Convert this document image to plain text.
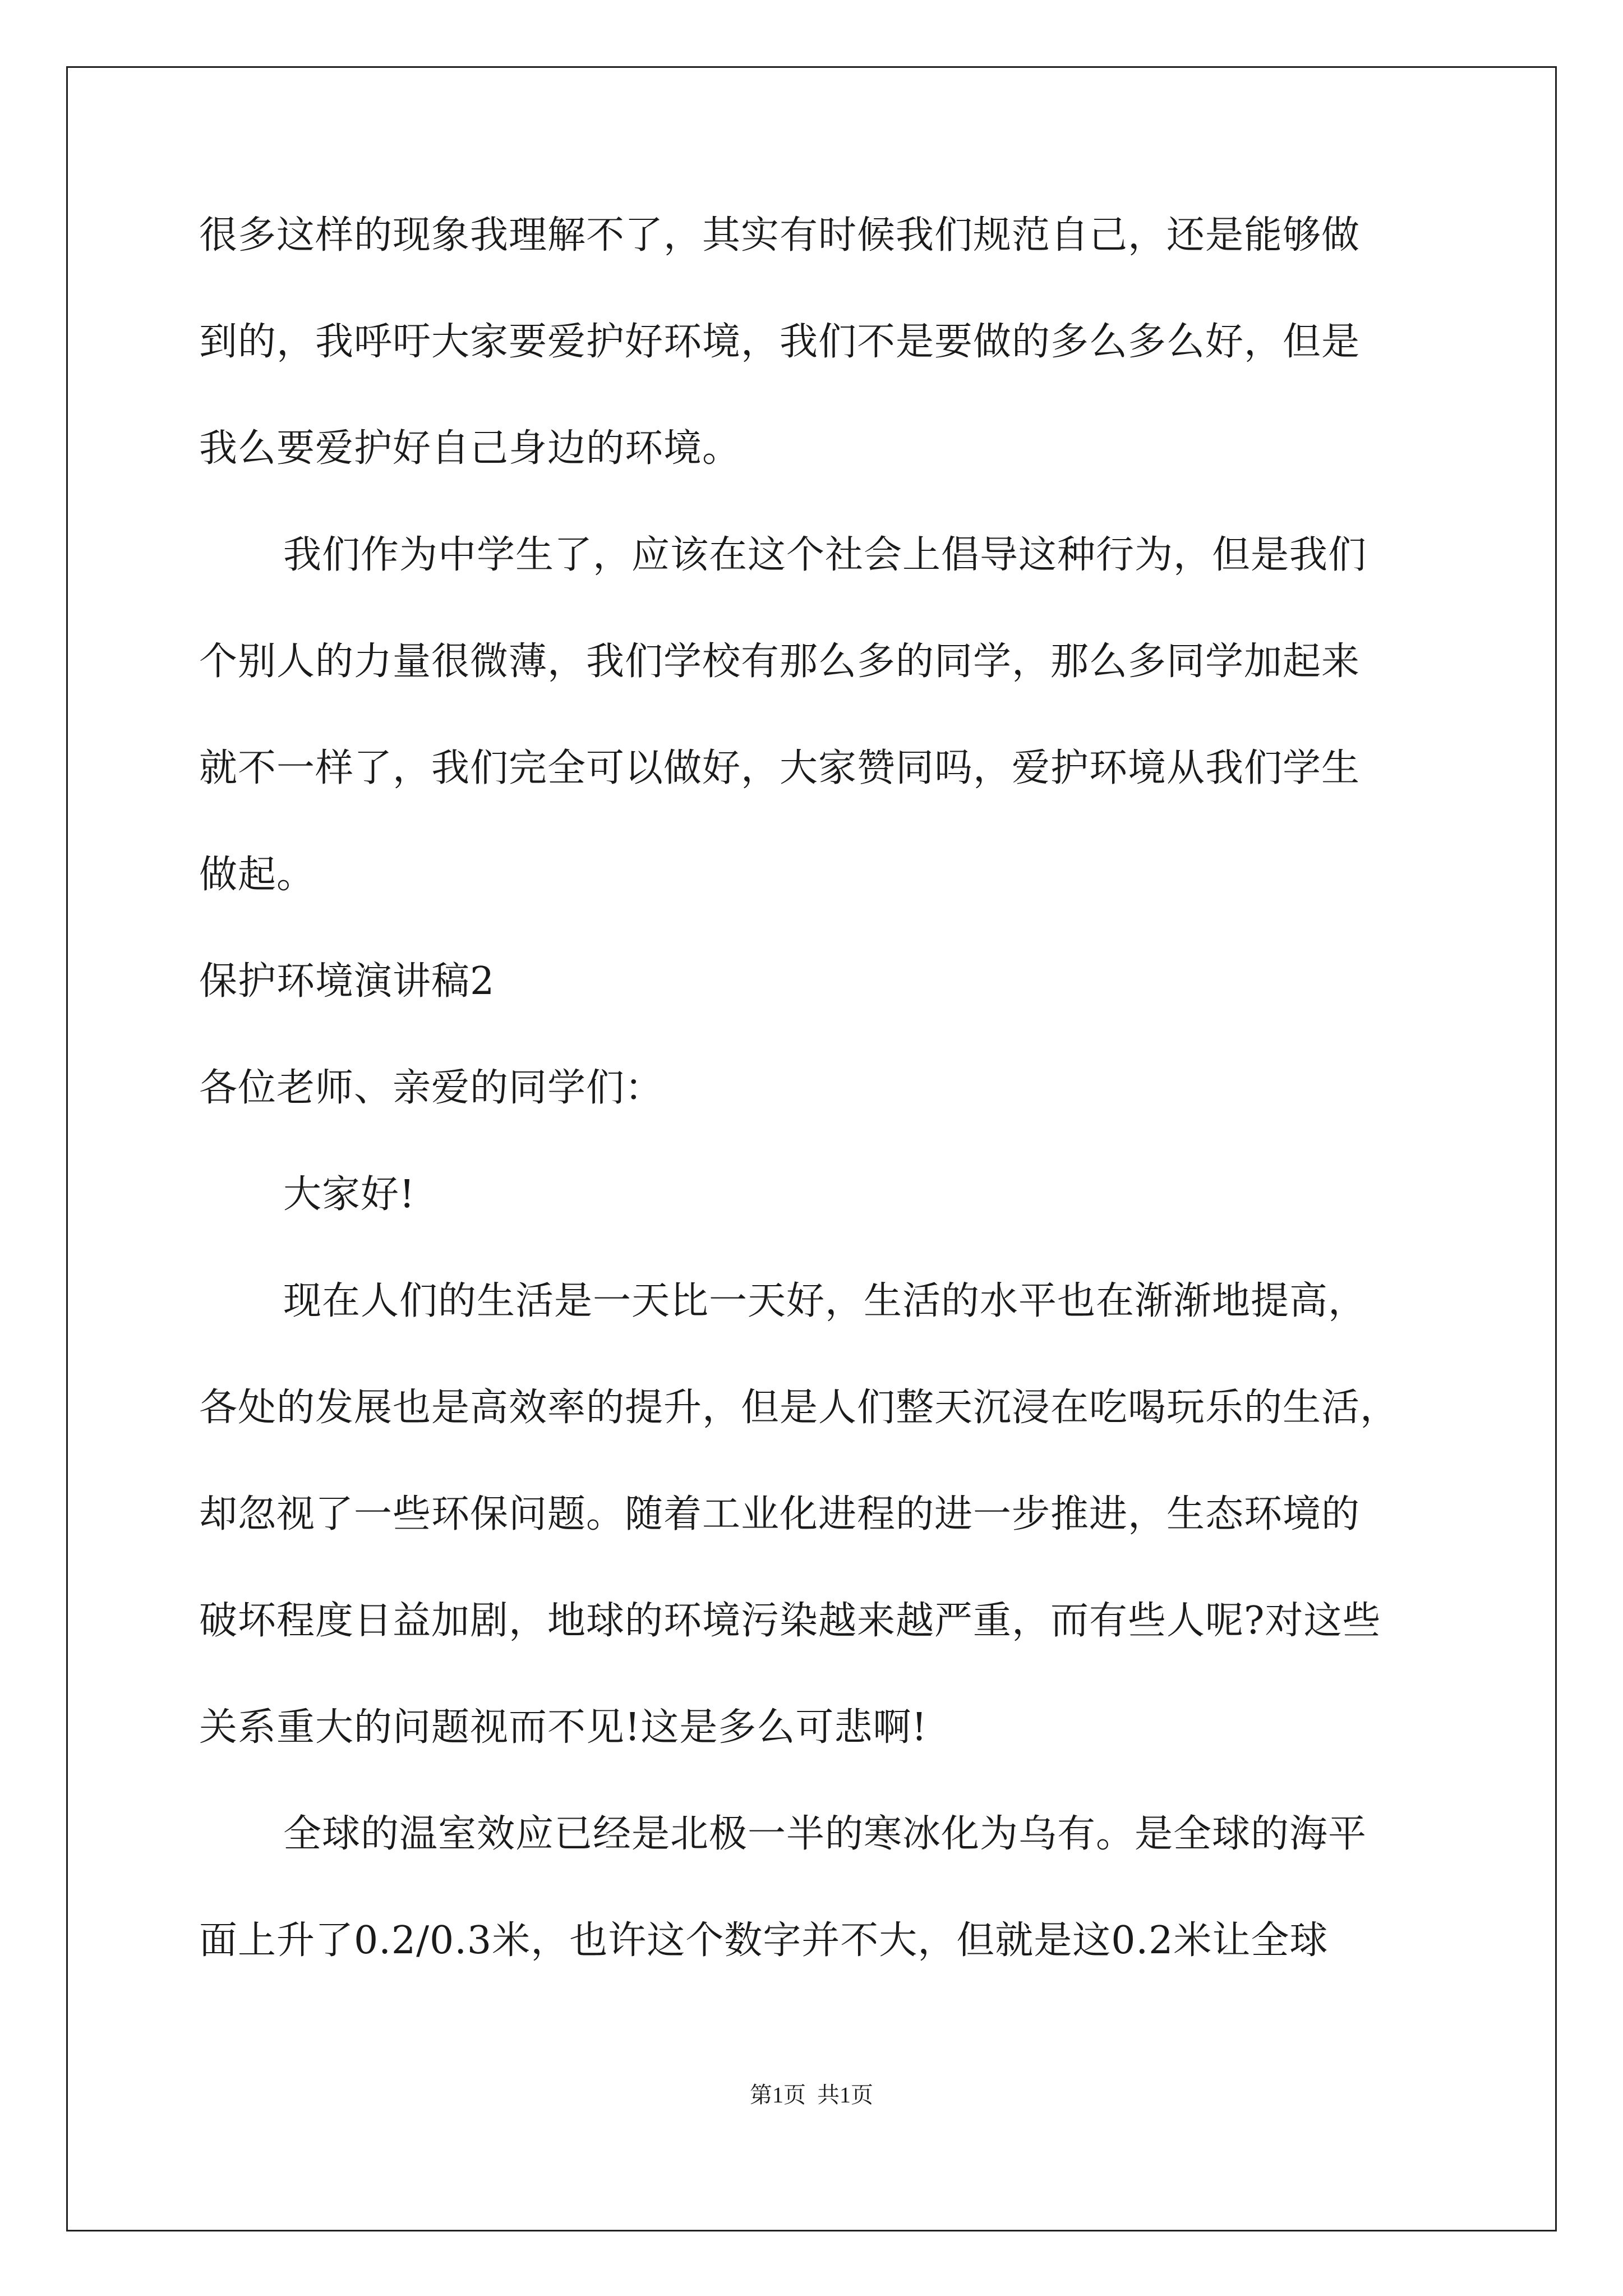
很多这样的现象我理解不了，其实有时候我们规范自己，还是能够做
到的，我呼吁大家要爱护好环境，我们不是要做的多么多么好，但是
我么要爱护好自己身边的环境。
我们作为中学生了，应该在这个社会上倡导这种行为，但是我们
个别人的力量很微薄，我们学校有那么多的同学，那么多同学加起来
就不一样了，我们完全可以做好，大家赞同吗，爱护环境从我们学生
做起。
保护环境演讲稿2
各位老师、亲爱的同学们：
大家好!
现在人们的生活是一天比一天好，生活的水平也在渐渐地提高，
各处的发展也是高效率的提升，但是人们整天沉浸在吃喝玩乐的生活，
却忽视了一些环保问题。随着工业化进程的进一步推进，生态环境的
破坏程度日益加剧，地球的环境污染越来越严重，而有些人呢?对这些
关系重大的问题视而不见!这是多么可悲啊!
全球的温室效应已经是北极一半的寒冰化为乌有。是全球的海平
面上升了0.2/0.3米，也许这个数字并不大，但就是这0.2米让全球
第1页  共1页
